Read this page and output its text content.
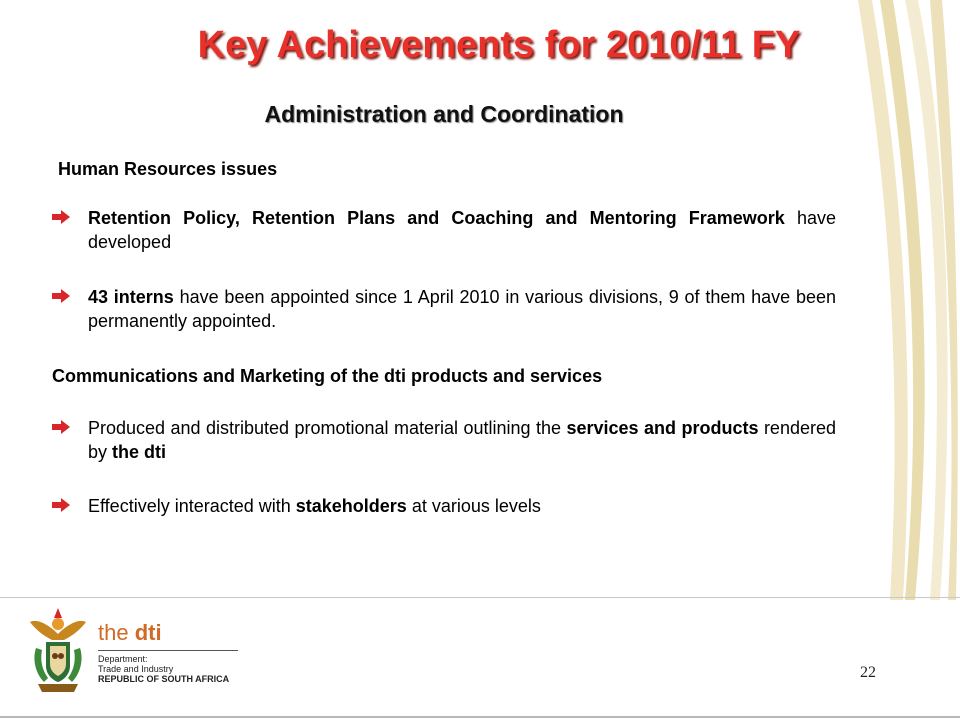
Key Achievements for 2010/11 FY
Administration and Coordination

Human Resources issues

Retention Policy, Retention Plans and Coaching and Mentoring Framework have developed
43 interns have been appointed since 1 April 2010 in various divisions, 9 of them have been permanently appointed.

Communications and Marketing of the dti products and services

Produced and distributed promotional material outlining the services and products rendered by the dti
Effectively interacted with stakeholders at various levels

the dti

Department:
Trade and Industry
REPUBLIC OF SOUTH AFRICA	22
